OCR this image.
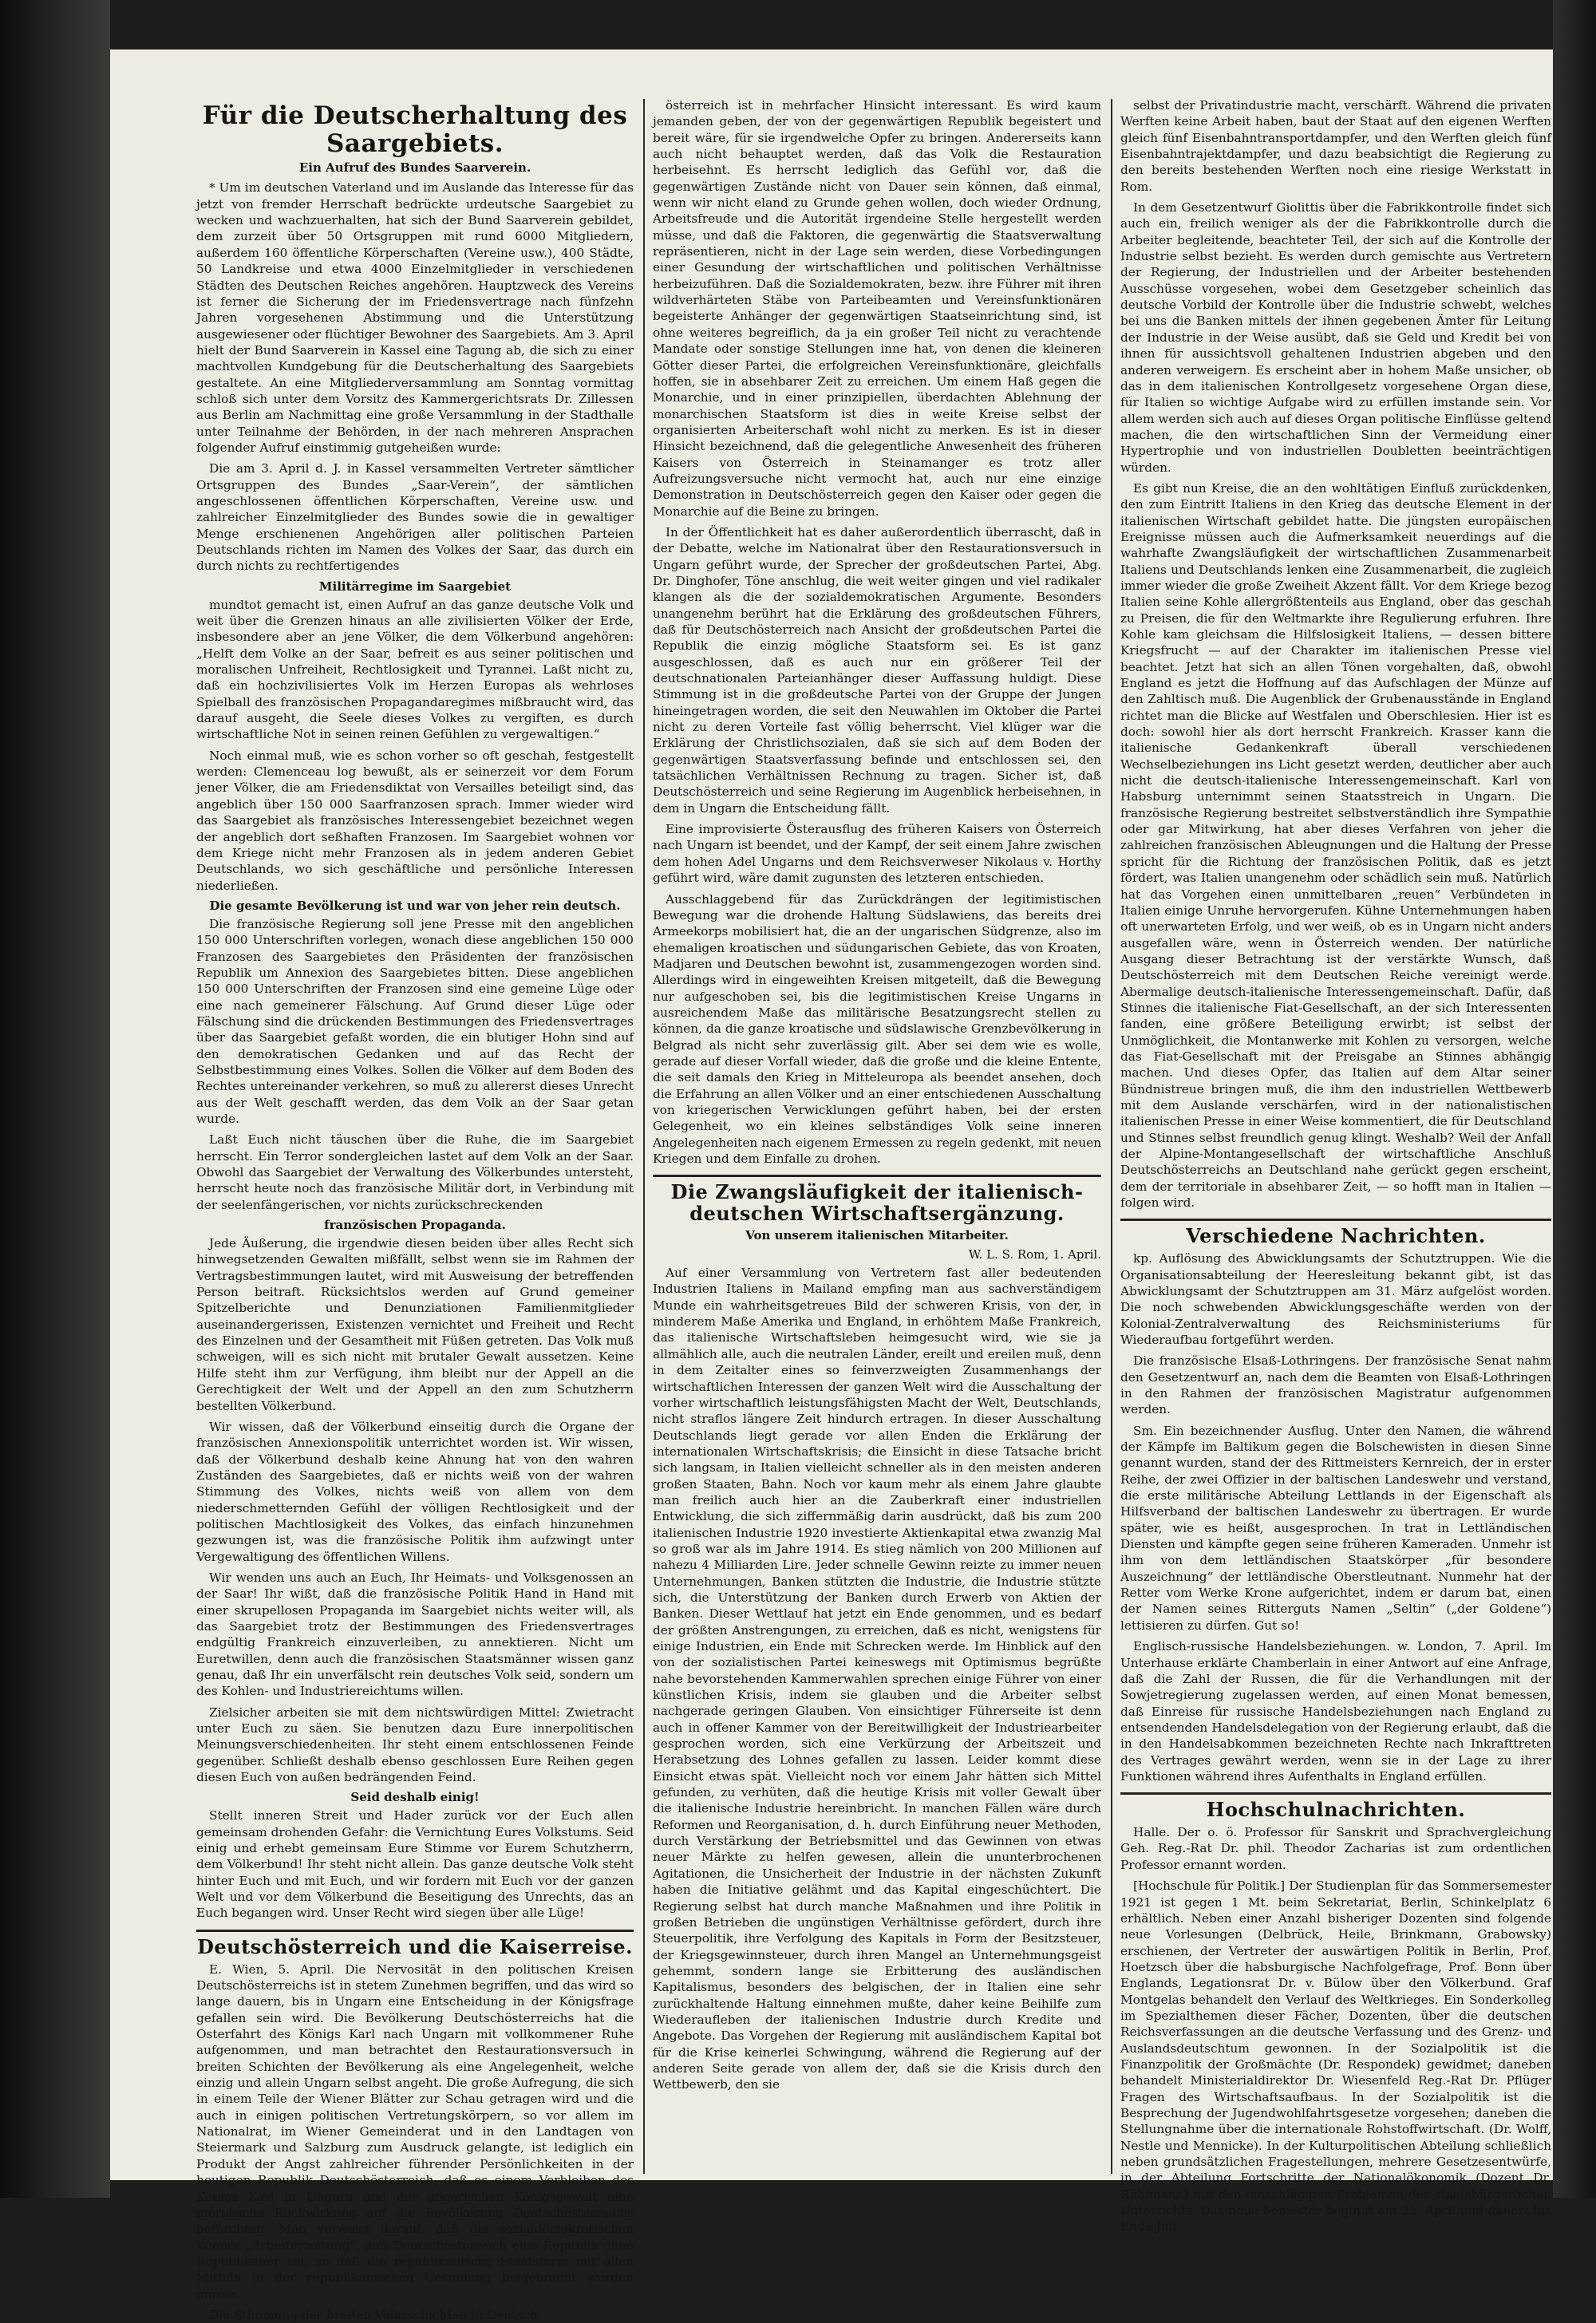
Für die Deutscherhaltung des Saargebiets.
Ein Aufruf des Bundes Saarverein.

* Um im deutschen Vaterland und im Auslande das Interesse für das jetzt von fremder Herrschaft bedrückte urdeutsche Saargebiet zu wecken und wachzuerhalten, hat sich der Bund Saarverein gebildet, dem zurzeit über 50 Ortsgruppen mit rund 6000 Mitgliedern, außerdem 160 öffentliche Körperschaften (Vereine usw.), 400 Städte, 50 Landkreise und etwa 4000 Einzelmitglieder in verschiedenen Städten des Deutschen Reiches angehören. Hauptzweck des Vereins ist ferner die Sicherung der im Friedensvertrage nach fünfzehn Jahren vorgesehenen Abstimmung und die Unterstützung ausgewiesener oder flüchtiger Bewohner des Saargebiets. Am 3. April hielt der Bund Saarverein in Kassel eine Tagung ab, die sich zu einer machtvollen Kundgebung für die Deutscherhaltung des Saargebiets gestaltete. An eine Mitgliederversammlung am Sonntag vormittag schloß sich unter dem Vorsitz des Kammergerichtsrats Dr. Zillessen aus Berlin am Nachmittag eine große Versammlung in der Stadthalle unter Teilnahme der Behörden, in der nach mehreren Ansprachen folgender Aufruf einstimmig gutgeheißen wurde:

Die am 3. April d. J. in Kassel versammelten Vertreter sämtlicher Ortsgruppen des Bundes „Saar-Verein“, der sämtlichen angeschlossenen öffentlichen Körperschaften, Vereine usw. und zahlreicher Einzelmitglieder des Bundes sowie die in gewaltiger Menge erschienenen Angehörigen aller politischen Parteien Deutschlands richten im Namen des Volkes der Saar, das durch ein durch nichts zu rechtfertigendes

Militärregime im Saargebiet

mundtot gemacht ist, einen Aufruf an das ganze deutsche Volk und weit über die Grenzen hinaus an alle zivilisierten Völker der Erde, insbesondere aber an jene Völker, die dem Völkerbund angehören: „Helft dem Volke an der Saar, befreit es aus seiner politischen und moralischen Unfreiheit, Rechtlosigkeit und Tyrannei. Laßt nicht zu, daß ein hochzivilisiertes Volk im Herzen Europas als wehrloses Spielball des französischen Propagandaregimes mißbraucht wird, das darauf ausgeht, die Seele dieses Volkes zu vergiften, es durch wirtschaftliche Not in seinen reinen Gefühlen zu vergewaltigen.“

Noch einmal muß, wie es schon vorher so oft geschah, festgestellt werden: Clemenceau log bewußt, als er seinerzeit vor dem Forum jener Völker, die am Friedensdiktat von Versailles beteiligt sind, das angeblich über 150 000 Saarfranzosen sprach. Immer wieder wird das Saargebiet als französisches Interessengebiet bezeichnet wegen der angeblich dort seßhaften Franzosen. Im Saargebiet wohnen vor dem Kriege nicht mehr Franzosen als in jedem anderen Gebiet Deutschlands, wo sich geschäftliche und persönliche Interessen niederließen.

Die gesamte Bevölkerung ist und war von jeher rein deutsch.

Die französische Regierung soll jene Presse mit den angeblichen 150 000 Unterschriften vorlegen, wonach diese angeblichen 150 000 Franzosen des Saargebietes den Präsidenten der französischen Republik um Annexion des Saargebietes bitten. Diese angeblichen 150 000 Unterschriften der Franzosen sind eine gemeine Lüge oder eine nach gemeinerer Fälschung. Auf Grund dieser Lüge oder Fälschung sind die drückenden Bestimmungen des Friedensvertrages über das Saargebiet gefaßt worden, die ein blutiger Hohn sind auf den demokratischen Gedanken und auf das Recht der Selbstbestimmung eines Volkes. Sollen die Völker auf dem Boden des Rechtes untereinander verkehren, so muß zu allererst dieses Unrecht aus der Welt geschafft werden, das dem Volk an der Saar getan wurde.

Laßt Euch nicht täuschen über die Ruhe, die im Saargebiet herrscht. Ein Terror sondergleichen lastet auf dem Volk an der Saar. Obwohl das Saargebiet der Verwaltung des Völkerbundes untersteht, herrscht heute noch das französische Militär dort, in Verbindung mit der seelenfängerischen, vor nichts zurückschreckenden

französischen Propaganda.

Jede Äußerung, die irgendwie diesen beiden über alles Recht sich hinwegsetzenden Gewalten mißfällt, selbst wenn sie im Rahmen der Vertragsbestimmungen lautet, wird mit Ausweisung der betreffenden Person beitraft. Rücksichtslos werden auf Grund gemeiner Spitzelberichte und Denunziationen Familienmitglieder auseinandergerissen, Existenzen vernichtet und Freiheit und Recht des Einzelnen und der Gesamtheit mit Füßen getreten. Das Volk muß schweigen, will es sich nicht mit brutaler Gewalt aussetzen. Keine Hilfe steht ihm zur Verfügung, ihm bleibt nur der Appell an die Gerechtigkeit der Welt und der Appell an den zum Schutzherrn bestellten Völkerbund.

Wir wissen, daß der Völkerbund einseitig durch die Organe der französischen Annexionspolitik unterrichtet worden ist. Wir wissen, daß der Völkerbund deshalb keine Ahnung hat von den wahren Zuständen des Saargebietes, daß er nichts weiß von der wahren Stimmung des Volkes, nichts weiß von allem von dem niederschmetternden Gefühl der völligen Rechtlosigkeit und der politischen Machtlosigkeit des Volkes, das einfach hinzunehmen gezwungen ist, was die französische Politik ihm aufzwingt unter Vergewaltigung des öffentlichen Willens.

Wir wenden uns auch an Euch, Ihr Heimats- und Volksgenossen an der Saar! Ihr wißt, daß die französische Politik Hand in Hand mit einer skrupellosen Propaganda im Saargebiet nichts weiter will, als das Saargebiet trotz der Bestimmungen des Friedensvertrages endgültig Frankreich einzuverleiben, zu annektieren. Nicht um Euretwillen, denn auch die französischen Staatsmänner wissen ganz genau, daß Ihr ein unverfälscht rein deutsches Volk seid, sondern um des Kohlen- und Industriereichtums willen.

Zielsicher arbeiten sie mit dem nichtswürdigen Mittel: Zwietracht unter Euch zu säen. Sie benutzen dazu Eure innerpolitischen Meinungsverschiedenheiten. Ihr steht einem entschlossenen Feinde gegenüber. Schließt deshalb ebenso geschlossen Eure Reihen gegen diesen Euch von außen bedrängenden Feind.

Seid deshalb einig!

Stellt inneren Streit und Hader zurück vor der Euch allen gemeinsam drohenden Gefahr: die Vernichtung Eures Volkstums. Seid einig und erhebt gemeinsam Eure Stimme vor Eurem Schutzherrn, dem Völkerbund! Ihr steht nicht allein. Das ganze deutsche Volk steht hinter Euch und mit Euch, und wir fordern mit Euch vor der ganzen Welt und vor dem Völkerbund die Beseitigung des Unrechts, das an Euch begangen wird. Unser Recht wird siegen über alle Lüge!

Deutschösterreich und die Kaiserreise.

E. Wien, 5. April. Die Nervosität in den politischen Kreisen Deutschösterreichs ist in stetem Zunehmen begriffen, und das wird so lange dauern, bis in Ungarn eine Entscheidung in der Königsfrage gefallen sein wird. Die Bevölkerung Deutschösterreichs hat die Osterfahrt des Königs Karl nach Ungarn mit vollkommener Ruhe aufgenommen, und man betrachtet den Restaurationsversuch in breiten Schichten der Bevölkerung als eine Angelegenheit, welche einzig und allein Ungarn selbst angeht. Die große Aufregung, die sich in einem Teile der Wiener Blätter zur Schau getragen wird und die auch in einigen politischen Vertretungskörpern, so vor allem im Nationalrat, im Wiener Gemeinderat und in den Landtagen von Steiermark und Salzburg zum Ausdruck gelangte, ist lediglich ein Produkt der Angst zahlreicher führender Persönlichkeiten in der heutigen Republik Deutschösterreich, daß es einem Verbleiben des Königs Karl in Ungarn und der ungarischen Königsgewalt eine moralische Rückwirkung auf die Bevölkerung Deutschösterreichs befürchten. Man verweist darauf, daß die sozialdemokratischen Wiener „Arbeiterzeitung“, daß Deutschösterreich eine Republik ohne Republikaner sei, so daß die republikanische Staatsform mit allen Mitteln in der republikanischen Gesinnung beigebracht werden müsse.

Die Stimmung der breiten Volksschichten in Deutsch-

österreich ist in mehrfacher Hinsicht interessant. Es wird kaum jemanden geben, der von der gegenwärtigen Republik begeistert und bereit wäre, für sie irgendwelche Opfer zu bringen. Andererseits kann auch nicht behauptet werden, daß das Volk die Restauration herbeisehnt. Es herrscht lediglich das Gefühl vor, daß die gegenwärtigen Zustände nicht von Dauer sein können, daß einmal, wenn wir nicht eland zu Grunde gehen wollen, doch wieder Ordnung, Arbeitsfreude und die Autorität irgendeine Stelle hergestellt werden müsse, und daß die Faktoren, die gegenwärtig die Staatsverwaltung repräsentieren, nicht in der Lage sein werden, diese Vorbedingungen einer Gesundung der wirtschaftlichen und politischen Verhältnisse herbeizuführen. Daß die Sozialdemokraten, bezw. ihre Führer mit ihren wildverhärteten Stäbe von Parteibeamten und Vereinsfunktionären begeisterte Anhänger der gegenwärtigen Staatseinrichtung sind, ist ohne weiteres begreiflich, da ja ein großer Teil nicht zu verachtende Mandate oder sonstige Stellungen inne hat, von denen die kleineren Götter dieser Partei, die erfolgreichen Vereinsfunktionäre, gleichfalls hoffen, sie in absehbarer Zeit zu erreichen. Um einem Haß gegen die Monarchie, und in einer prinzipiellen, überdachten Ablehnung der monarchischen Staatsform ist dies in weite Kreise selbst der organisierten Arbeiterschaft wohl nicht zu merken. Es ist in dieser Hinsicht bezeichnend, daß die gelegentliche Anwesenheit des früheren Kaisers von Österreich in Steinamanger es trotz aller Aufreizungsversuche nicht vermocht hat, auch nur eine einzige Demonstration in Deutschösterreich gegen den Kaiser oder gegen die Monarchie auf die Beine zu bringen.

In der Öffentlichkeit hat es daher außerordentlich überrascht, daß in der Debatte, welche im Nationalrat über den Restaurationsversuch in Ungarn geführt wurde, der Sprecher der großdeutschen Partei, Abg. Dr. Dinghofer, Töne anschlug, die weit weiter gingen und viel radikaler klangen als die der sozialdemokratischen Argumente. Besonders unangenehm berührt hat die Erklärung des großdeutschen Führers, daß für Deutschösterreich nach Ansicht der großdeutschen Partei die Republik die einzig mögliche Staatsform sei. Es ist ganz ausgeschlossen, daß es auch nur ein größerer Teil der deutschnationalen Parteianhänger dieser Auffassung huldigt. Diese Stimmung ist in die großdeutsche Partei von der Gruppe der Jungen hineingetragen worden, die seit den Neuwahlen im Oktober die Partei nicht zu deren Vorteile fast völlig beherrscht. Viel klüger war die Erklärung der Christlichsozialen, daß sie sich auf dem Boden der gegenwärtigen Staatsverfassung befinde und entschlossen sei, den tatsächlichen Verhältnissen Rechnung zu tragen. Sicher ist, daß Deutschösterreich und seine Regierung im Augenblick herbeisehnen, in dem in Ungarn die Entscheidung fällt.

Eine improvisierte Österausflug des früheren Kaisers von Österreich nach Ungarn ist beendet, und der Kampf, der seit einem Jahre zwischen dem hohen Adel Ungarns und dem Reichsverweser Nikolaus v. Horthy geführt wird, wäre damit zugunsten des letzteren entschieden.

Ausschlaggebend für das Zurückdrängen der legitimistischen Bewegung war die drohende Haltung Südslawiens, das bereits drei Armeekorps mobilisiert hat, die an der ungarischen Südgrenze, also im ehemaligen kroatischen und südungarischen Gebiete, das von Kroaten, Madjaren und Deutschen bewohnt ist, zusammengezogen worden sind. Allerdings wird in eingeweihten Kreisen mitgeteilt, daß die Bewegung nur aufgeschoben sei, bis die legitimistischen Kreise Ungarns in ausreichendem Maße das militärische Besatzungsrecht stellen zu können, da die ganze kroatische und südslawische Grenzbevölkerung in Belgrad als nicht sehr zuverlässig gilt. Aber sei dem wie es wolle, gerade auf dieser Vorfall wieder, daß die große und die kleine Entente, die seit damals den Krieg in Mitteleuropa als beendet ansehen, doch die Erfahrung an allen Völker und an einer entschiedenen Ausschaltung von kriegerischen Verwicklungen geführt haben, bei der ersten Gelegenheit, wo ein kleines selbständiges Volk seine inneren Angelegenheiten nach eigenem Ermessen zu regeln gedenkt, mit neuen Kriegen und dem Einfalle zu drohen.

Die Zwangsläufigkeit der italienisch-deutschen Wirtschaftsergänzung.
Von unserem italienischen Mitarbeiter.
W. L. S. Rom, 1. April.

Auf einer Versammlung von Vertretern fast aller bedeutenden Industrien Italiens in Mailand empfing man aus sachverständigem Munde ein wahrheitsgetreues Bild der schweren Krisis, von der, in minderem Maße Amerika und England, in erhöhtem Maße Frankreich, das italienische Wirtschaftsleben heimgesucht wird, wie sie ja allmählich alle, auch die neutralen Länder, ereilt und ereilen muß, denn in dem Zeitalter eines so feinverzweigten Zusammenhangs der wirtschaftlichen Interessen der ganzen Welt wird die Ausschaltung der vorher wirtschaftlich leistungsfähigsten Macht der Welt, Deutschlands, nicht straflos längere Zeit hindurch ertragen. In dieser Ausschaltung Deutschlands liegt gerade vor allen Enden die Erklärung der internationalen Wirtschaftskrisis; die Einsicht in diese Tatsache bricht sich langsam, in Italien vielleicht schneller als in den meisten anderen großen Staaten, Bahn. Noch vor kaum mehr als einem Jahre glaubte man freilich auch hier an die Zauberkraft einer industriellen Entwicklung, die sich ziffernmäßig darin ausdrückt, daß bis zum 200 italienischen Industrie 1920 investierte Aktienkapital etwa zwanzig Mal so groß war als im Jahre 1914. Es stieg nämlich von 200 Millionen auf nahezu 4 Milliarden Lire. Jeder schnelle Gewinn reizte zu immer neuen Unternehmungen, Banken stützten die Industrie, die Industrie stützte sich, die Unterstützung der Banken durch Erwerb von Aktien der Banken. Dieser Wettlauf hat jetzt ein Ende genommen, und es bedarf der größten Anstrengungen, zu erreichen, daß es nicht, wenigstens für einige Industrien, ein Ende mit Schrecken werde. Im Hinblick auf den von der sozialistischen Partei keineswegs mit Optimismus begrüßte nahe bevorstehenden Kammerwahlen sprechen einige Führer von einer künstlichen Krisis, indem sie glauben und die Arbeiter selbst nachgerade geringen Glauben. Von einsichtiger Führerseite ist denn auch in offener Kammer von der Bereitwilligkeit der Industriearbeiter gesprochen worden, sich eine Verkürzung der Arbeitszeit und Herabsetzung des Lohnes gefallen zu lassen. Leider kommt diese Einsicht etwas spät. Vielleicht noch vor einem Jahr hätten sich Mittel gefunden, zu verhüten, daß die heutige Krisis mit voller Gewalt über die italienische Industrie hereinbricht. In manchen Fällen wäre durch Reformen und Reorganisation, d. h. durch Einführung neuer Methoden, durch Verstärkung der Betriebsmittel und das Gewinnen von etwas neuer Märkte zu helfen gewesen, allein die ununterbrochenen Agitationen, die Unsicherheit der Industrie in der nächsten Zukunft haben die Initiative gelähmt und das Kapital eingeschüchtert. Die Regierung selbst hat durch manche Maßnahmen und ihre Politik in großen Betrieben die ungünstigen Verhältnisse gefördert, durch ihre Steuerpolitik, ihre Verfolgung des Kapitals in Form der Besitzsteuer, der Kriegsgewinnsteuer, durch ihren Mangel an Unternehmungsgeist gehemmt, sondern lange sie Erbitterung des ausländischen Kapitalismus, besonders des belgischen, der in Italien eine sehr zurückhaltende Haltung einnehmen mußte, daher keine Beihilfe zum Wiederaufleben der italienischen Industrie durch Kredite und Angebote. Das Vorgehen der Regierung mit ausländischem Kapital bot für die Krise keinerlei Schwingung, während die Regierung auf der anderen Seite gerade von allem der, daß sie die Krisis durch den Wettbewerb, den sie

selbst der Privatindustrie macht, verschärft. Während die privaten Werften keine Arbeit haben, baut der Staat auf den eigenen Werften gleich fünf Eisenbahntransportdampfer, und den Werften gleich fünf Eisenbahntrajektdampfer, und dazu beabsichtigt die Regierung zu den bereits bestehenden Werften noch eine riesige Werkstatt in Rom.

In dem Gesetzentwurf Giolittis über die Fabrikkontrolle findet sich auch ein, freilich weniger als der die Fabrikkontrolle durch die Arbeiter begleitende, beachteter Teil, der sich auf die Kontrolle der Industrie selbst bezieht. Es werden durch gemischte aus Vertretern der Regierung, der Industriellen und der Arbeiter bestehenden Ausschüsse vorgesehen, wobei dem Gesetzgeber scheinlich das deutsche Vorbild der Kontrolle über die Industrie schwebt, welches bei uns die Banken mittels der ihnen gegebenen Ämter für Leitung der Industrie in der Weise ausübt, daß sie Geld und Kredit bei von ihnen für aussichtsvoll gehaltenen Industrien abgeben und den anderen verweigern. Es erscheint aber in hohem Maße unsicher, ob das in dem italienischen Kontrollgesetz vorgesehene Organ diese, für Italien so wichtige Aufgabe wird zu erfüllen imstande sein. Vor allem werden sich auch auf dieses Organ politische Einflüsse geltend machen, die den wirtschaftlichen Sinn der Vermeidung einer Hypertrophie und von industriellen Doubletten beeinträchtigen würden.

Es gibt nun Kreise, die an den wohltätigen Einfluß zurückdenken, den zum Eintritt Italiens in den Krieg das deutsche Element in der italienischen Wirtschaft gebildet hatte. Die jüngsten europäischen Ereignisse müssen auch die Aufmerksamkeit neuerdings auf die wahrhafte Zwangsläufigkeit der wirtschaftlichen Zusammenarbeit Italiens und Deutschlands lenken eine Zusammenarbeit, die zugleich immer wieder die große Zweiheit Akzent fällt. Vor dem Kriege bezog Italien seine Kohle allergrößtenteils aus England, ober das geschah zu Preisen, die für den Weltmarkte ihre Regulierung erfuhren. Ihre Kohle kam gleichsam die Hilfslosigkeit Italiens, — dessen bittere Kriegsfrucht — auf der Charakter im italienischen Presse viel beachtet. Jetzt hat sich an allen Tönen vorgehalten, daß, obwohl England es jetzt die Hoffnung auf das Aufschlagen der Münze auf den Zahltisch muß. Die Augenblick der Grubenausstände in England richtet man die Blicke auf Westfalen und Oberschlesien. Hier ist es doch: sowohl hier als dort herrscht Frankreich. Krasser kann die italienische Gedankenkraft überall verschiedenen Wechselbeziehungen ins Licht gesetzt werden, deutlicher aber auch nicht die deutsch-italienische Interessengemeinschaft. Karl von Habsburg unternimmt seinen Staatsstreich in Ungarn. Die französische Regierung bestreitet selbstverständlich ihre Sympathie oder gar Mitwirkung, hat aber dieses Verfahren von jeher die zahlreichen französischen Ableugnungen und die Haltung der Presse spricht für die Richtung der französischen Politik, daß es jetzt fördert, was Italien unangenehm oder schädlich sein muß. Natürlich hat das Vorgehen einen unmittelbaren „reuen“ Verbündeten in Italien einige Unruhe hervorgerufen. Kühne Unternehmungen haben oft unerwarteten Erfolg, und wer weiß, ob es in Ungarn nicht anders ausgefallen wäre, wenn in Österreich wenden. Der natürliche Ausgang dieser Betrachtung ist der verstärkte Wunsch, daß Deutschösterreich mit dem Deutschen Reiche vereinigt werde. Abermalige deutsch-italienische Interessengemeinschaft. Dafür, daß Stinnes die italienische Fiat-Gesellschaft, an der sich Interessenten fanden, eine größere Beteiligung erwirbt; ist selbst der Unmöglichkeit, die Montanwerke mit Kohlen zu versorgen, welche das Fiat-Gesellschaft mit der Preisgabe an Stinnes abhängig machen. Und dieses Opfer, das Italien auf dem Altar seiner Bündnistreue bringen muß, die ihm den industriellen Wettbewerb mit dem Auslande verschärfen, wird in der nationalistischen italienischen Presse in einer Weise kommentiert, die für Deutschland und Stinnes selbst freundlich genug klingt. Weshalb? Weil der Anfall der Alpine-Montangesellschaft der wirtschaftliche Anschluß Deutschösterreichs an Deutschland nahe gerückt gegen erscheint, dem der territoriale in absehbarer Zeit, — so hofft man in Italien — folgen wird.

Verschiedene Nachrichten.

kp. Auflösung des Abwicklungsamts der Schutztruppen. Wie die Organisationsabteilung der Heeresleitung bekannt gibt, ist das Abwicklungsamt der Schutztruppen am 31. März aufgelöst worden. Die noch schwebenden Abwicklungsgeschäfte werden von der Kolonial-Zentralverwaltung des Reichsministeriums für Wiederaufbau fortgeführt werden.

Die französische Elsaß-Lothringens. Der französische Senat nahm den Gesetzentwurf an, nach dem die Beamten von Elsaß-Lothringen in den Rahmen der französischen Magistratur aufgenommen werden.

Sm. Ein bezeichnender Ausflug. Unter den Namen, die während der Kämpfe im Baltikum gegen die Bolschewisten in diesen Sinne genannt wurden, stand der des Rittmeisters Kernreich, der in erster Reihe, der zwei Offizier in der baltischen Landeswehr und verstand, die erste militärische Abteilung Lettlands in der Eigenschaft als Hilfsverband der baltischen Landeswehr zu übertragen. Er wurde später, wie es heißt, ausgesprochen. In trat in Lettländischen Diensten und kämpfte gegen seine früheren Kameraden. Unmehr ist ihm von dem lettländischen Staatskörper „für besondere Auszeichnung“ der lettländische Oberstleutnant. Nunmehr hat der Retter vom Werke Krone aufgerichtet, indem er darum bat, einen der Namen seines Ritterguts Namen „Seltin“ („der Goldene“) lettisieren zu dürfen. Gut so!

Englisch-russische Handelsbeziehungen. w. London, 7. April. Im Unterhause erklärte Chamberlain in einer Antwort auf eine Anfrage, daß die Zahl der Russen, die für die Verhandlungen mit der Sowjetregierung zugelassen werden, auf einen Monat bemessen, daß Einreise für russische Handelsbeziehungen nach England zu entsendenden Handelsdelegation von der Regierung erlaubt, daß die in den Handelsabkommen bezeichneten Rechte nach Inkrafttreten des Vertrages gewährt werden, wenn sie in der Lage zu ihrer Funktionen während ihres Aufenthalts in England erfüllen.

Hochschulnachrichten.

Halle. Der o. ö. Professor für Sanskrit und Sprachvergleichung Geh. Reg.-Rat Dr. phil. Theodor Zacharias ist zum ordentlichen Professor ernannt worden.

[Hochschule für Politik.] Der Studienplan für das Sommersemester 1921 ist gegen 1 Mt. beim Sekretariat, Berlin, Schinkelplatz 6 erhältlich. Neben einer Anzahl bisheriger Dozenten sind folgende neue Vorlesungen (Delbrück, Heile, Brinkmann, Grabowsky) erschienen, der Vertreter der auswärtigen Politik in Berlin, Prof. Hoetzsch über die habsburgische Nachfolgefrage, Prof. Bonn über Englands, Legationsrat Dr. v. Bülow über den Völkerbund. Graf Montgelas behandelt den Verlauf des Weltkrieges. Ein Sonderkolleg im Spezialthemen dieser Fächer, Dozenten, über die deutschen Reichsverfassungen an die deutsche Verfassung und des Grenz- und Auslandsdeutschtum gewonnen. In der Sozialpolitik ist die Finanzpolitik der Großmächte (Dr. Respondek) gewidmet; daneben behandelt Ministerialdirektor Dr. Wiesenfeld Reg.-Rat Dr. Pflüger Fragen des Wirtschaftsaufbaus. In der Sozialpolitik ist die Besprechung der Jugendwohlfahrtsgesetze vorgesehen; daneben die Stellungnahme über die internationale Rohstoffwirtschaft. (Dr. Wolff, Nestle und Mennicke). In der Kulturpolitischen Abteilung schließlich neben grundsätzlichen Fragestellungen, mehrere Gesetzesentwürfe, in der Abteilung Fortschritte der Nationalökonomik (Dozent Dr. Rühlmann) mit den einschlägigen Problemen des staatsbürgerlichen Unterrichts. Das neue Semester beginnt am 25. April und dauert bis Ende Juli.
